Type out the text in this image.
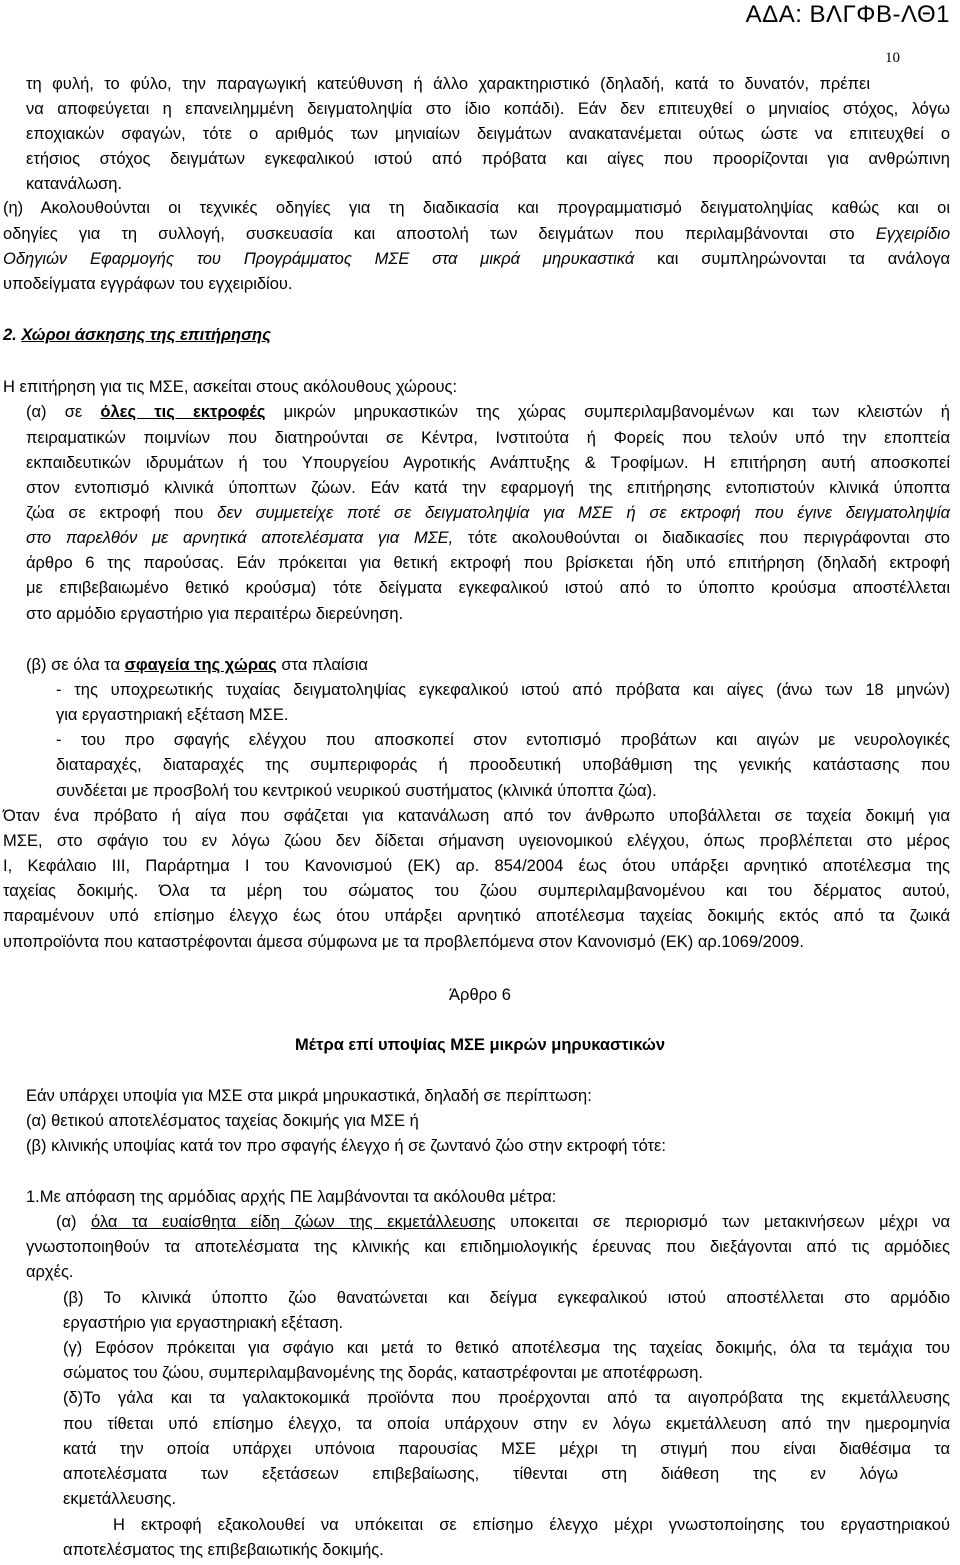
ΑΔΑ: ΒΛΓΦΒ-ΛΘ1
10
τη φυλή, το φύλο, την παραγωγική κατεύθυνση ή άλλο χαρακτηριστικό (δηλαδή, κατά το δυνατόν, πρέπει
να αποφεύγεται η επανειλημμένη δειγματοληψία στο ίδιο κοπάδι). Εάν δεν επιτευχθεί ο μηνιαίος στόχος, λόγω
εποχιακών σφαγών, τότε ο αριθμός των μηνιαίων δειγμάτων ανακατανέμεται ούτως ώστε να επιτευχθεί ο
ετήσιος στόχος δειγμάτων εγκεφαλικού ιστού από πρόβατα και αίγες που προορίζονται για ανθρώπινη
κατανάλωση.
(η) Ακολουθούνται οι τεχνικές οδηγίες για τη διαδικασία και προγραμματισμό δειγματοληψίας καθώς και οι
οδηγίες για τη συλλογή, συσκευασία και αποστολή των δειγμάτων που περιλαμβάνονται στο Εγχειρίδιο
Οδηγιών Εφαρμογής του Προγράμματος ΜΣΕ στα μικρά μηρυκαστικά και συμπληρώνονται τα ανάλογα
υποδείγματα εγγράφων του εγχειριδίου.
2. Χώροι άσκησης της επιτήρησης
Η επιτήρηση για τις ΜΣΕ, ασκείται στους ακόλουθους χώρους:
(α) σε όλες τις εκτροφές μικρών μηρυκαστικών της χώρας συμπεριλαμβανομένων και των κλειστών ή
πειραματικών ποιμνίων που διατηρούνται σε Κέντρα, Ινστιτούτα ή Φορείς που τελούν υπό την εποπτεία
εκπαιδευτικών ιδρυμάτων ή του Υπουργείου Αγροτικής Ανάπτυξης & Τροφίμων. Η επιτήρηση αυτή αποσκοπεί
στον εντοπισμό κλινικά ύποπτων ζώων. Εάν κατά την εφαρμογή της επιτήρησης εντοπιστούν κλινικά ύποπτα
ζώα σε εκτροφή που δεν συμμετείχε ποτέ σε δειγματοληψία για ΜΣΕ ή σε εκτροφή που έγινε δειγματοληψία
στο παρελθόν με αρνητικά αποτελέσματα για ΜΣΕ, τότε ακολουθούνται οι διαδικασίες που περιγράφονται στο
άρθρο 6 της παρούσας. Εάν πρόκειται για θετική εκτροφή που βρίσκεται ήδη υπό επιτήρηση (δηλαδή εκτροφή
με επιβεβαιωμένο θετικό κρούσμα) τότε δείγματα εγκεφαλικού ιστού από το ύποπτο κρούσμα αποστέλλεται
στο αρμόδιο εργαστήριο για περαιτέρω διερεύνηση.
(β) σε όλα τα σφαγεία της χώρας στα πλαίσια
- της υποχρεωτικής τυχαίας δειγματοληψίας εγκεφαλικού ιστού από πρόβατα και αίγες (άνω των 18 μηνών)
για εργαστηριακή εξέταση ΜΣΕ.
- του προ σφαγής ελέγχου που αποσκοπεί στον εντοπισμό προβάτων και αιγών με νευρολογικές
διαταραχές, διαταραχές της συμπεριφοράς ή προοδευτική υποβάθμιση της γενικής κατάστασης που
συνδέεται με προσβολή του κεντρικού νευρικού συστήματος (κλινικά ύποπτα ζώα).
Όταν ένα πρόβατο ή αίγα που σφάζεται για κατανάλωση από τον άνθρωπο υποβάλλεται σε ταχεία δοκιμή για
ΜΣΕ, στο σφάγιο του εν λόγω ζώου δεν δίδεται σήμανση υγειονομικού ελέγχου, όπως προβλέπεται στο μέρος
Ι, Κεφάλαιο ΙΙΙ, Παράρτημα Ι του Κανονισμού (ΕΚ) αρ. 854/2004 έως ότου υπάρξει αρνητικό αποτέλεσμα της
ταχείας δοκιμής. Όλα τα μέρη του σώματος του ζώου συμπεριλαμβανομένου και του δέρματος αυτού,
παραμένουν υπό επίσημο έλεγχο έως ότου υπάρξει αρνητικό αποτέλεσμα ταχείας δοκιμής εκτός από τα ζωικά
υποπροϊόντα που καταστρέφονται άμεσα σύμφωνα με τα προβλεπόμενα στον Κανονισμό (ΕΚ) αρ.1069/2009.
Άρθρο 6
Μέτρα επί υποψίας ΜΣΕ μικρών μηρυκαστικών
Εάν υπάρχει υποψία για ΜΣΕ στα μικρά μηρυκαστικά, δηλαδή σε περίπτωση:
(α) θετικού αποτελέσματος ταχείας δοκιμής για ΜΣΕ ή
(β) κλινικής υποψίας κατά τον προ σφαγής έλεγχο ή σε ζωντανό ζώο στην εκτροφή τότε:
1.Με απόφαση της αρμόδιας αρχής ΠΕ λαμβάνονται τα ακόλουθα μέτρα:
(α) όλα τα ευαίσθητα είδη ζώων της εκμετάλλευσης υποκειται σε περιορισμό των μετακινήσεων μέχρι να
γνωστοποιηθούν τα αποτελέσματα της κλινικής και επιδημιολογικής έρευνας που διεξάγονται από τις αρμόδιες
αρχές.
(β) Το κλινικά ύποπτο ζώο θανατώνεται και δείγμα εγκεφαλικού ιστού αποστέλλεται στο αρμόδιο
εργαστήριο για εργαστηριακή εξέταση.
(γ) Εφόσον πρόκειται για σφάγιο και μετά το θετικό αποτέλεσμα της ταχείας δοκιμής, όλα τα τεμάχια του
σώματος του ζώου, συμπεριλαμβανομένης της δοράς, καταστρέφονται με αποτέφρωση.
(δ)Το γάλα και τα γαλακτοκομικά προϊόντα που προέρχονται από τα αιγοπρόβατα της εκμετάλλευσης
που τίθεται υπό επίσημο έλεγχο, τα οποία υπάρχουν στην εν λόγω εκμετάλλευση από την ημερομηνία
κατά την οποία υπάρχει υπόνοια παρουσίας ΜΣΕ μέχρι τη στιγμή που είναι διαθέσιμα τα
αποτελέσματα των εξετάσεων επιβεβαίωσης, τίθενται στη διάθεση της εν λόγω
εκμετάλλευσης.
Η εκτροφή εξακολουθεί να υπόκειται σε επίσημο έλεγχο μέχρι γνωστοποίησης του εργαστηριακού
αποτελέσματος της επιβεβαιωτικής δοκιμής.
